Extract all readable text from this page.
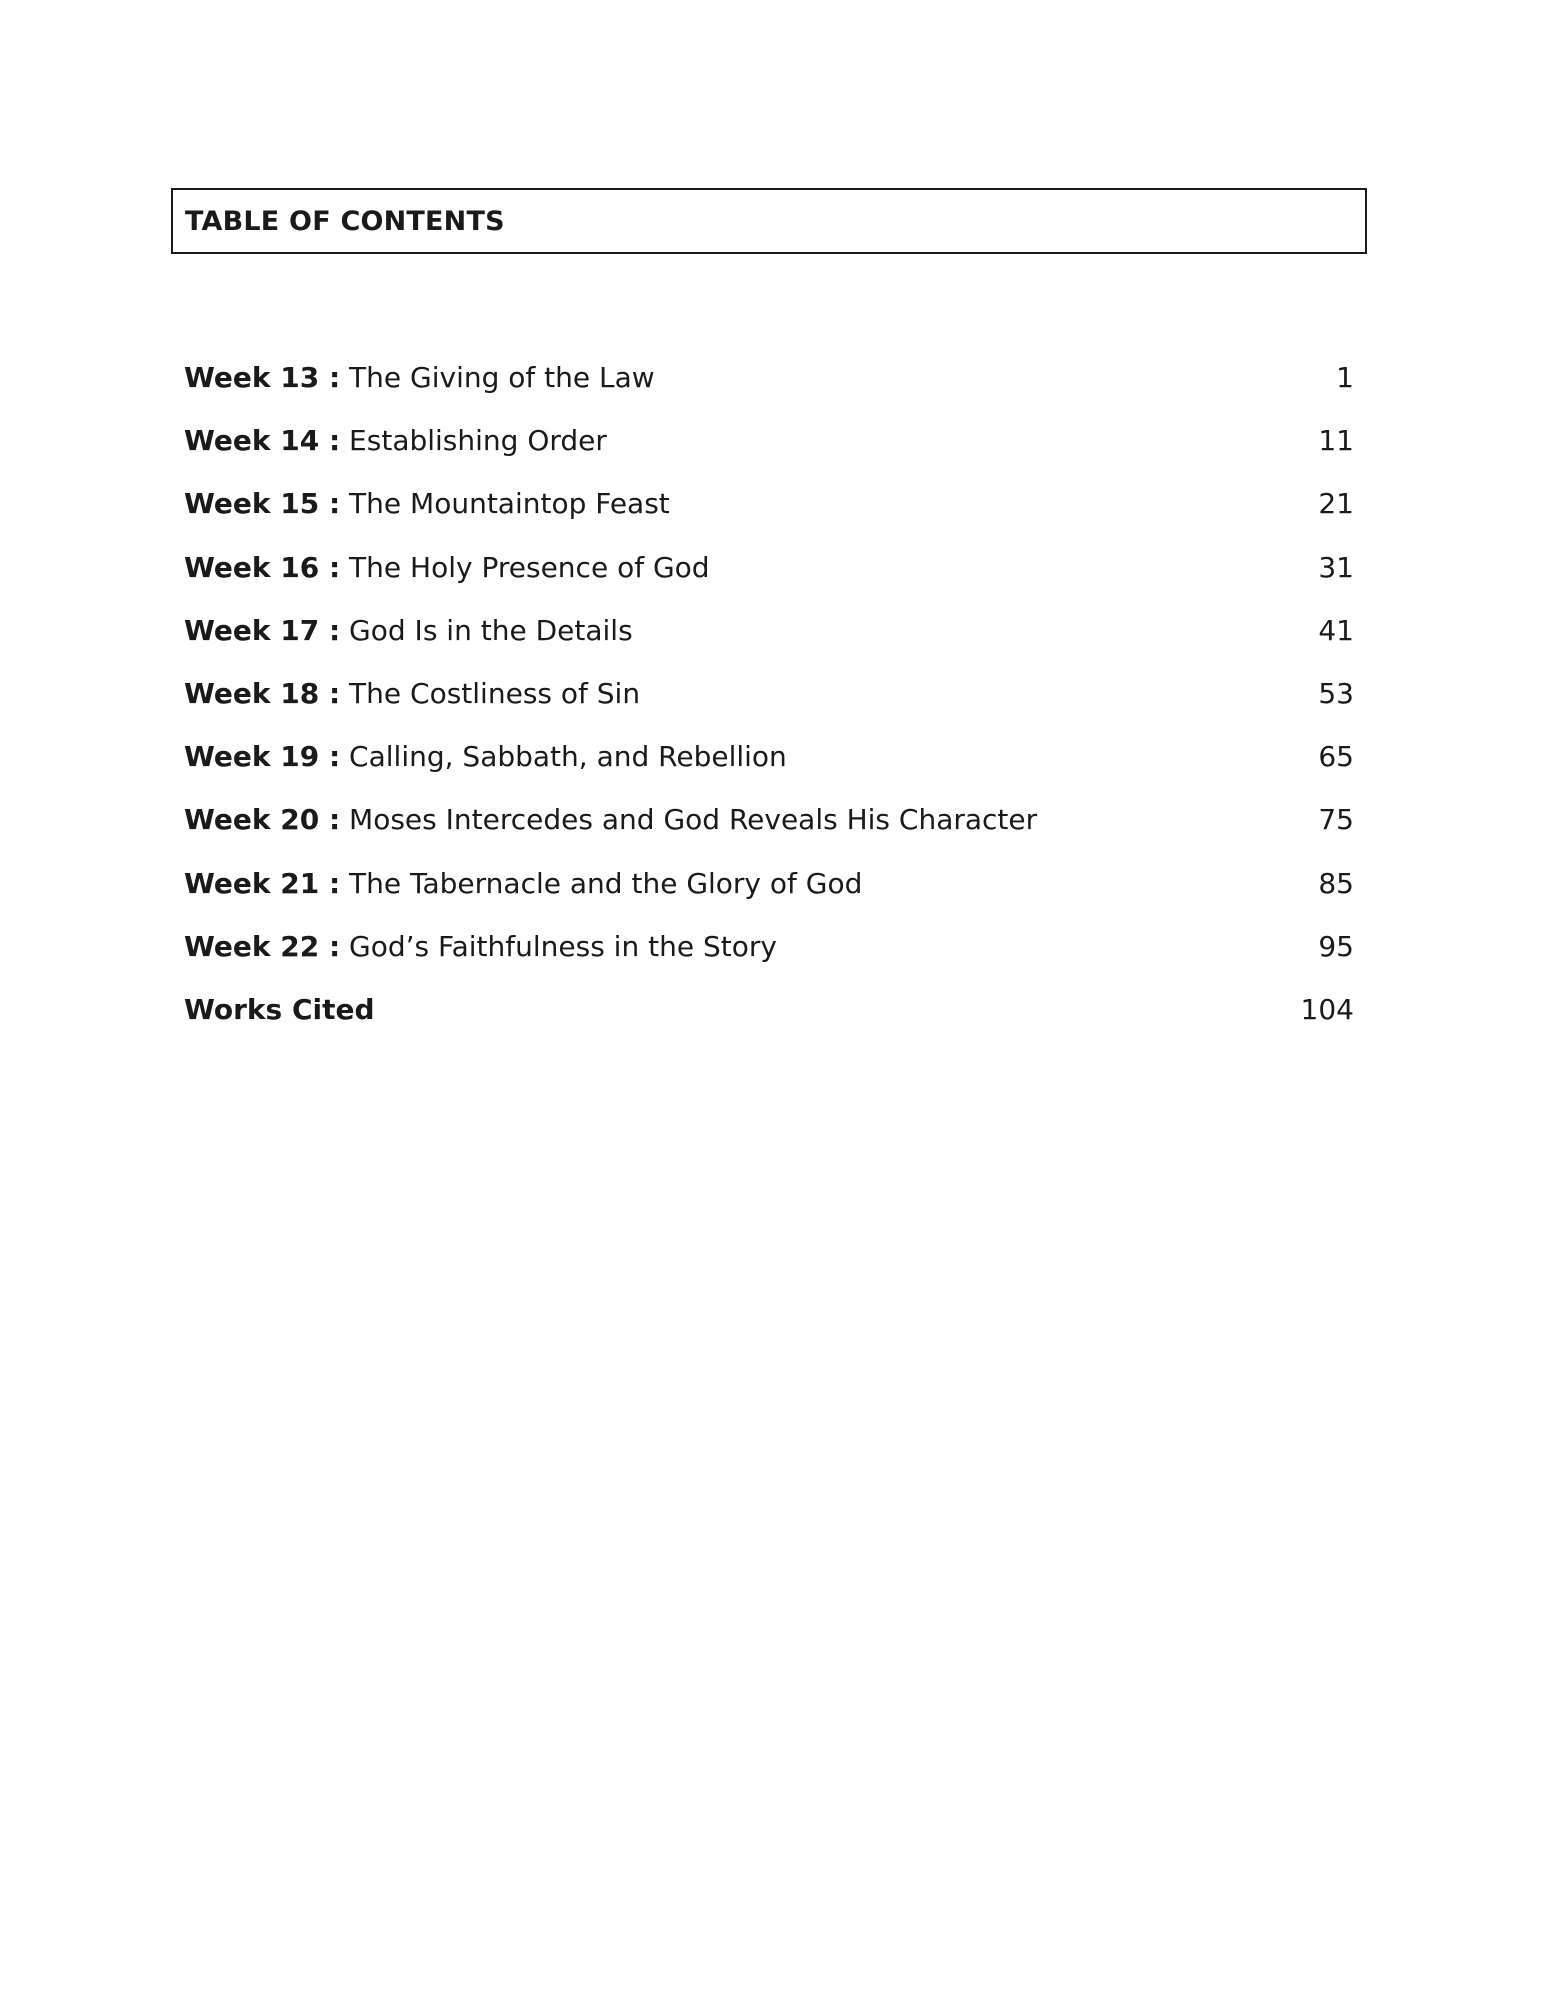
TABLE OF CONTENTS
Week 13 : The Giving of the Law	1
Week 14 : Establishing Order	11
Week 15 : The Mountaintop Feast	21
Week 16 : The Holy Presence of God	31
Week 17 : God Is in the Details	41
Week 18 : The Costliness of Sin	53
Week 19 : Calling, Sabbath, and Rebellion	65
Week 20 : Moses Intercedes and God Reveals His Character	75
Week 21 : The Tabernacle and the Glory of God	85
Week 22 : God’s Faithfulness in the Story	95
Works Cited	104
